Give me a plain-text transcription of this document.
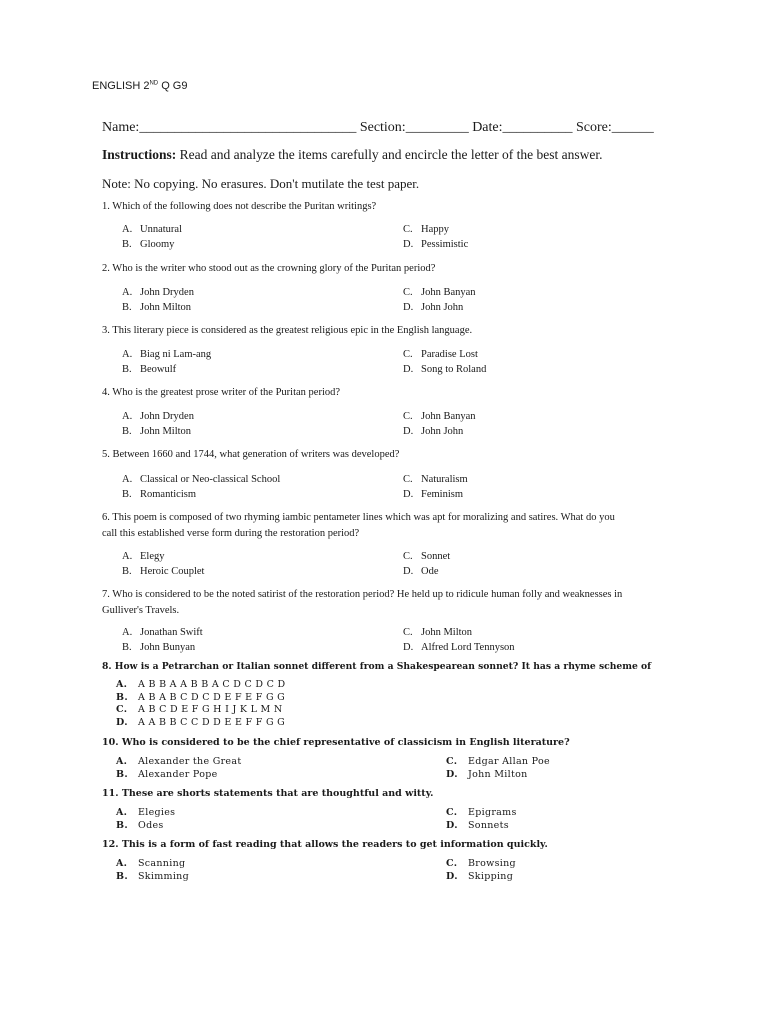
ENGLISH 2ND Q G9
Name:_______________________________ Section:_________ Date:__________ Score:______
Instructions: Read and analyze the items carefully and encircle the letter of the best answer.
Note: No copying. No erasures. Don't mutilate the test paper.
1. Which of the following does not describe the Puritan writings?
A. Unnatural
B. Gloomy
C. Happy
D. Pessimistic
2. Who is the writer who stood out as the crowning glory of the Puritan period?
A. John Dryden
B. John Milton
C. John Banyan
D. John John
3. This literary piece is considered as the greatest religious epic in the English language.
A. Biag ni Lam-ang
B. Beowulf
C. Paradise Lost
D. Song to Roland
4. Who is the greatest prose writer of the Puritan period?
A. John Dryden
B. John Milton
C. John Banyan
D. John John
5. Between 1660 and 1744, what generation of writers was developed?
A. Classical or Neo-classical School
B. Romanticism
C. Naturalism
D. Feminism
6. This poem is composed of two rhyming iambic pentameter lines which was apt for moralizing and satires. What do you call this established verse form during the restoration period?
A. Elegy
B. Heroic Couplet
C. Sonnet
D. Ode
7. Who is considered to be the noted satirist of the restoration period? He held up to ridicule human folly and weaknesses in Gulliver's Travels.
A. Jonathan Swift
B. John Bunyan
C. John Milton
D. Alfred Lord Tennyson
8. How is a Petrarchan or Italian sonnet different from a Shakespearean sonnet? It has a rhyme scheme of
A. A B B A A B B A C D C D C D
B. A B A B C D C D E F E F G G
C. A B C D E F G H I J K L M N
D. A A B B C C D D E E F F G G
10. Who is considered to be the chief representative of classicism in English literature?
A. Alexander the Great
B. Alexander Pope
C. Edgar Allan Poe
D. John Milton
11. These are shorts statements that are thoughtful and witty.
A. Elegies
B. Odes
C. Epigrams
D. Sonnets
12. This is a form of fast reading that allows the readers to get information quickly.
A. Scanning
B. Skimming
C. Browsing
D. Skipping
